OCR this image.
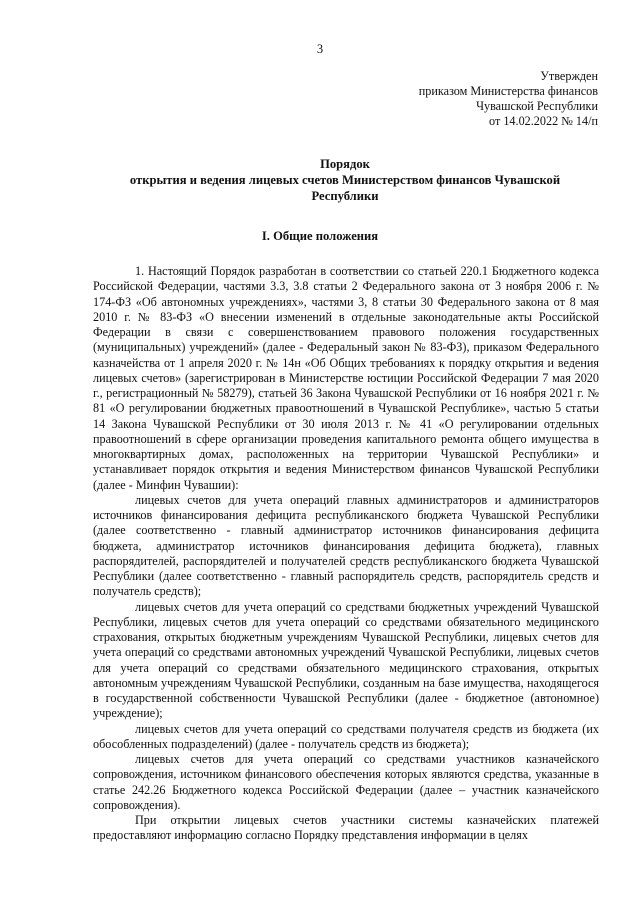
3
Утвержден
приказом Министерства финансов
Чувашской Республики
от 14.02.2022 № 14/п
Порядок
открытия и ведения лицевых счетов Министерством финансов Чувашской
Республики
I. Общие положения

1. Настоящий Порядок разработан в соответствии со статьей 220.1 Бюджетного кодекса Российской Федерации, частями 3.3, 3.8 статьи 2 Федерального закона от 3 ноября 2006 г. № 174-ФЗ «Об автономных учреждениях», частями 3, 8 статьи 30 Федерального закона от 8 мая 2010 г. № 83-ФЗ «О внесении изменений в отдельные законодательные акты Российской Федерации в связи с совершенствованием правового положения государственных (муниципальных) учреждений» (далее - Федеральный закон № 83-ФЗ), приказом Федерального казначейства от 1 апреля 2020 г. № 14н «Об Общих требованиях к порядку открытия и ведения лицевых счетов» (зарегистрирован в Министерстве юстиции Российской Федерации 7 мая 2020 г., регистрационный № 58279), статьей 36 Закона Чувашской Республики от 16 ноября 2021 г. № 81 «О регулировании бюджетных правоотношений в Чувашской Республике», частью 5 статьи 14 Закона Чувашской Республики от 30 июля 2013 г. № 41 «О регулировании отдельных правоотношений в сфере организации проведения капитального ремонта общего имущества в многоквартирных домах, расположенных на территории Чувашской Республики» и устанавливает порядок открытия и ведения Министерством финансов Чувашской Республики (далее - Минфин Чувашии):

лицевых счетов для учета операций главных администраторов и администраторов источников финансирования дефицита республиканского бюджета Чувашской Республики (далее соответственно - главный администратор источников финансирования дефицита бюджета, администратор источников финансирования дефицита бюджета), главных распорядителей, распорядителей и получателей средств республиканского бюджета Чувашской Республики (далее соответственно - главный распорядитель средств, распорядитель средств и получатель средств);

лицевых счетов для учета операций со средствами бюджетных учреждений Чувашской Республики, лицевых счетов для учета операций со средствами обязательного медицинского страхования, открытых бюджетным учреждениям Чувашской Республики, лицевых счетов для учета операций со средствами автономных учреждений Чувашской Республики, лицевых счетов для учета операций со средствами обязательного медицинского страхования, открытых автономным учреждениям Чувашской Республики, созданным на базе имущества, находящегося в государственной собственности Чувашской Республики (далее - бюджетное (автономное) учреждение);

лицевых счетов для учета операций со средствами получателя средств из бюджета (их обособленных подразделений) (далее - получатель средств из бюджета);

лицевых счетов для учета операций со средствами участников казначейского сопровождения, источником финансового обеспечения которых являются средства, указанные в статье 242.26 Бюджетного кодекса Российской Федерации (далее – участник казначейского сопровождения).

При открытии лицевых счетов участники системы казначейских платежей предоставляют информацию согласно Порядку представления информации в целях
